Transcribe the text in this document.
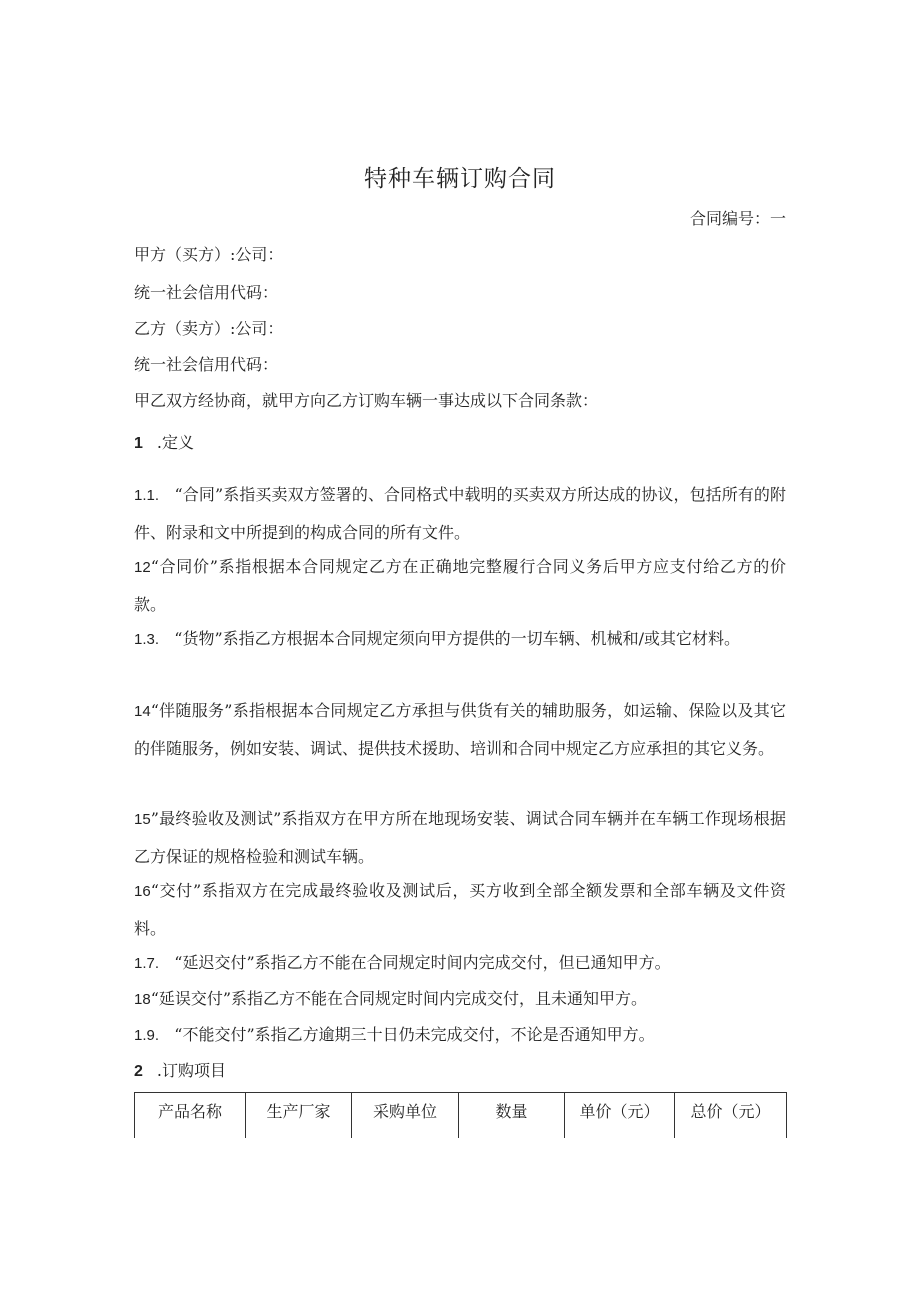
特种车辆订购合同
合同编号：一
甲方（买方）:公司：
统一社会信用代码：
乙方（卖方）:公司：
统一社会信用代码：
甲乙双方经协商，就甲方向乙方订购车辆一事达成以下合同条款：
1 .定义
1.1. “合同”系指买卖双方签署的、合同格式中载明的买卖双方所达成的协议，包括所有的附件、附录和文中所提到的构成合同的所有文件。
12“合同价”系指根据本合同规定乙方在正确地完整履行合同义务后甲方应支付给乙方的价款。
1.3. “货物”系指乙方根据本合同规定须向甲方提供的一切车辆、机械和/或其它材料。
14“伴随服务”系指根据本合同规定乙方承担与供货有关的辅助服务，如运输、保险以及其它的伴随服务，例如安装、调试、提供技术援助、培训和合同中规定乙方应承担的其它义务。
15”最终验收及测试”系指双方在甲方所在地现场安装、调试合同车辆并在车辆工作现场根据乙方保证的规格检验和测试车辆。
16“交付”系指双方在完成最终验收及测试后，买方收到全部全额发票和全部车辆及文件资料。
1.7. “延迟交付”系指乙方不能在合同规定时间内完成交付，但已通知甲方。
18“延误交付”系指乙方不能在合同规定时间内完成交付，且未通知甲方。
1.9. “不能交付”系指乙方逾期三十日仍未完成交付，不论是否通知甲方。
2 .订购项目
产品名称	生产厂家	采购单位	数量	单价（元）	总价（元）
